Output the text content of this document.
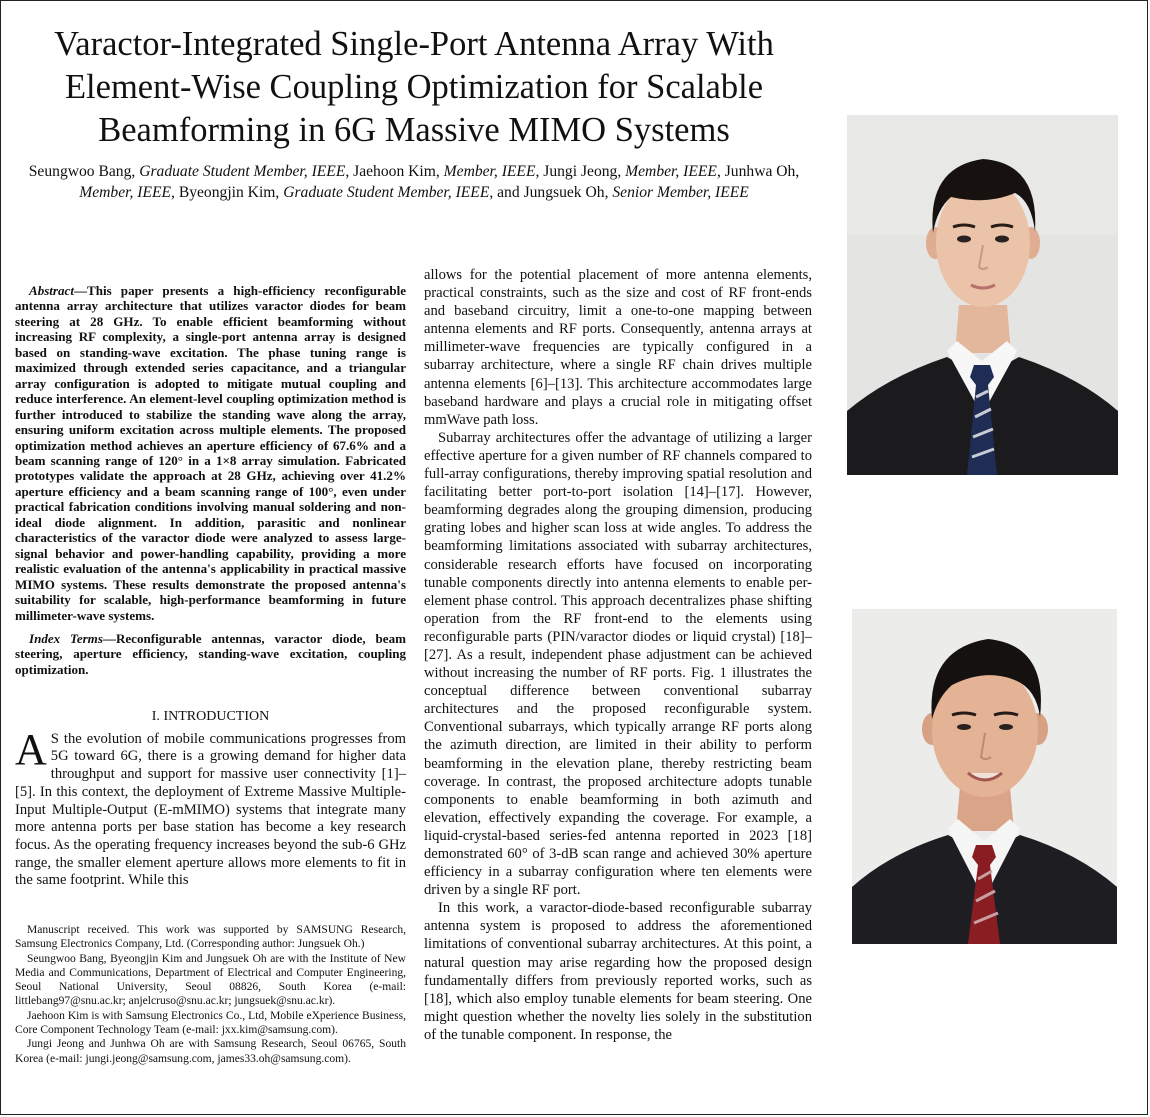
Varactor-Integrated Single-Port Antenna Array With Element-Wise Coupling Optimization for Scalable Beamforming in 6G Massive MIMO Systems

Seungwoo Bang, Graduate Student Member, IEEE, Jaehoon Kim, Member, IEEE, Jungi Jeong, Member, IEEE, Junhwa Oh, Member, IEEE, Byeongjin Kim, Graduate Student Member, IEEE, and Jungsuek Oh, Senior Member, IEEE

Abstract—This paper presents a high-efficiency reconfigurable antenna array architecture that utilizes varactor diodes for beam steering at 28 GHz. To enable efficient beamforming without increasing RF complexity, a single-port antenna array is designed based on standing-wave excitation. The phase tuning range is maximized through extended series capacitance, and a triangular array configuration is adopted to mitigate mutual coupling and reduce interference. An element-level coupling optimization method is further introduced to stabilize the standing wave along the array, ensuring uniform excitation across multiple elements. The proposed optimization method achieves an aperture efficiency of 67.6% and a beam scanning range of 120° in a 1×8 array simulation. Fabricated prototypes validate the approach at 28 GHz, achieving over 41.2% aperture efficiency and a beam scanning range of 100°, even under practical fabrication conditions involving manual soldering and non-ideal diode alignment. In addition, parasitic and nonlinear characteristics of the varactor diode were analyzed to assess large-signal behavior and power-handling capability, providing a more realistic evaluation of the antenna's applicability in practical massive MIMO systems. These results demonstrate the proposed antenna's suitability for scalable, high-performance beamforming in future millimeter-wave systems.

Index Terms—Reconfigurable antennas, varactor diode, beam steering, aperture efficiency, standing-wave excitation, coupling optimization.

I. INTRODUCTION

A S the evolution of mobile communications progresses from 5G toward 6G, there is a growing demand for higher data throughput and support for massive user connectivity [1]–[5]. In this context, the deployment of Extreme Massive Multiple-Input Multiple-Output (E-mMIMO) systems that integrate many more antenna ports per base station has become a key research focus. As the operating frequency increases beyond the sub-6 GHz range, the smaller element aperture allows more elements to fit in the same footprint. While this

Manuscript received. This work was supported by SAMSUNG Research, Samsung Electronics Company, Ltd. (Corresponding author: Jungsuek Oh.)

Seungwoo Bang, Byeongjin Kim and Jungsuek Oh are with the Institute of New Media and Communications, Department of Electrical and Computer Engineering, Seoul National University, Seoul 08826, South Korea (e-mail: littlebang97@snu.ac.kr; anjelcruso@snu.ac.kr; jungsuek@snu.ac.kr).

Jaehoon Kim is with Samsung Electronics Co., Ltd, Mobile eXperience Business, Core Component Technology Team (e-mail: jxx.kim@samsung.com).

Jungi Jeong and Junhwa Oh are with Samsung Research, Seoul 06765, South Korea (e-mail: jungi.jeong@samsung.com, james33.oh@samsung.com).

allows for the potential placement of more antenna elements, practical constraints, such as the size and cost of RF front-ends and baseband circuitry, limit a one-to-one mapping between antenna elements and RF ports. Consequently, antenna arrays at millimeter-wave frequencies are typically configured in a subarray architecture, where a single RF chain drives multiple antenna elements [6]–[13]. This architecture accommodates large baseband hardware and plays a crucial role in mitigating offset mmWave path loss.

Subarray architectures offer the advantage of utilizing a larger effective aperture for a given number of RF channels compared to full-array configurations, thereby improving spatial resolution and facilitating better port-to-port isolation [14]–[17]. However, beamforming degrades along the grouping dimension, producing grating lobes and higher scan loss at wide angles. To address the beamforming limitations associated with subarray architectures, considerable research efforts have focused on incorporating tunable components directly into antenna elements to enable per-element phase control. This approach decentralizes phase shifting operation from the RF front-end to the elements using reconfigurable parts (PIN/varactor diodes or liquid crystal) [18]–[27]. As a result, independent phase adjustment can be achieved without increasing the number of RF ports. Fig. 1 illustrates the conceptual difference between conventional subarray architectures and the proposed reconfigurable system. Conventional subarrays, which typically arrange RF ports along the azimuth direction, are limited in their ability to perform beamforming in the elevation plane, thereby restricting beam coverage. In contrast, the proposed architecture adopts tunable components to enable beamforming in both azimuth and elevation, effectively expanding the coverage. For example, a liquid-crystal-based series-fed antenna reported in 2023 [18] demonstrated 60° of 3-dB scan range and achieved 30% aperture efficiency in a subarray configuration where ten elements were driven by a single RF port.

In this work, a varactor-diode-based reconfigurable subarray antenna system is proposed to address the aforementioned limitations of conventional subarray architectures. At this point, a natural question may arise regarding how the proposed design fundamentally differs from previously reported works, such as [18], which also employ tunable elements for beam steering. One might question whether the novelty lies solely in the substitution of the tunable component. In response, the
